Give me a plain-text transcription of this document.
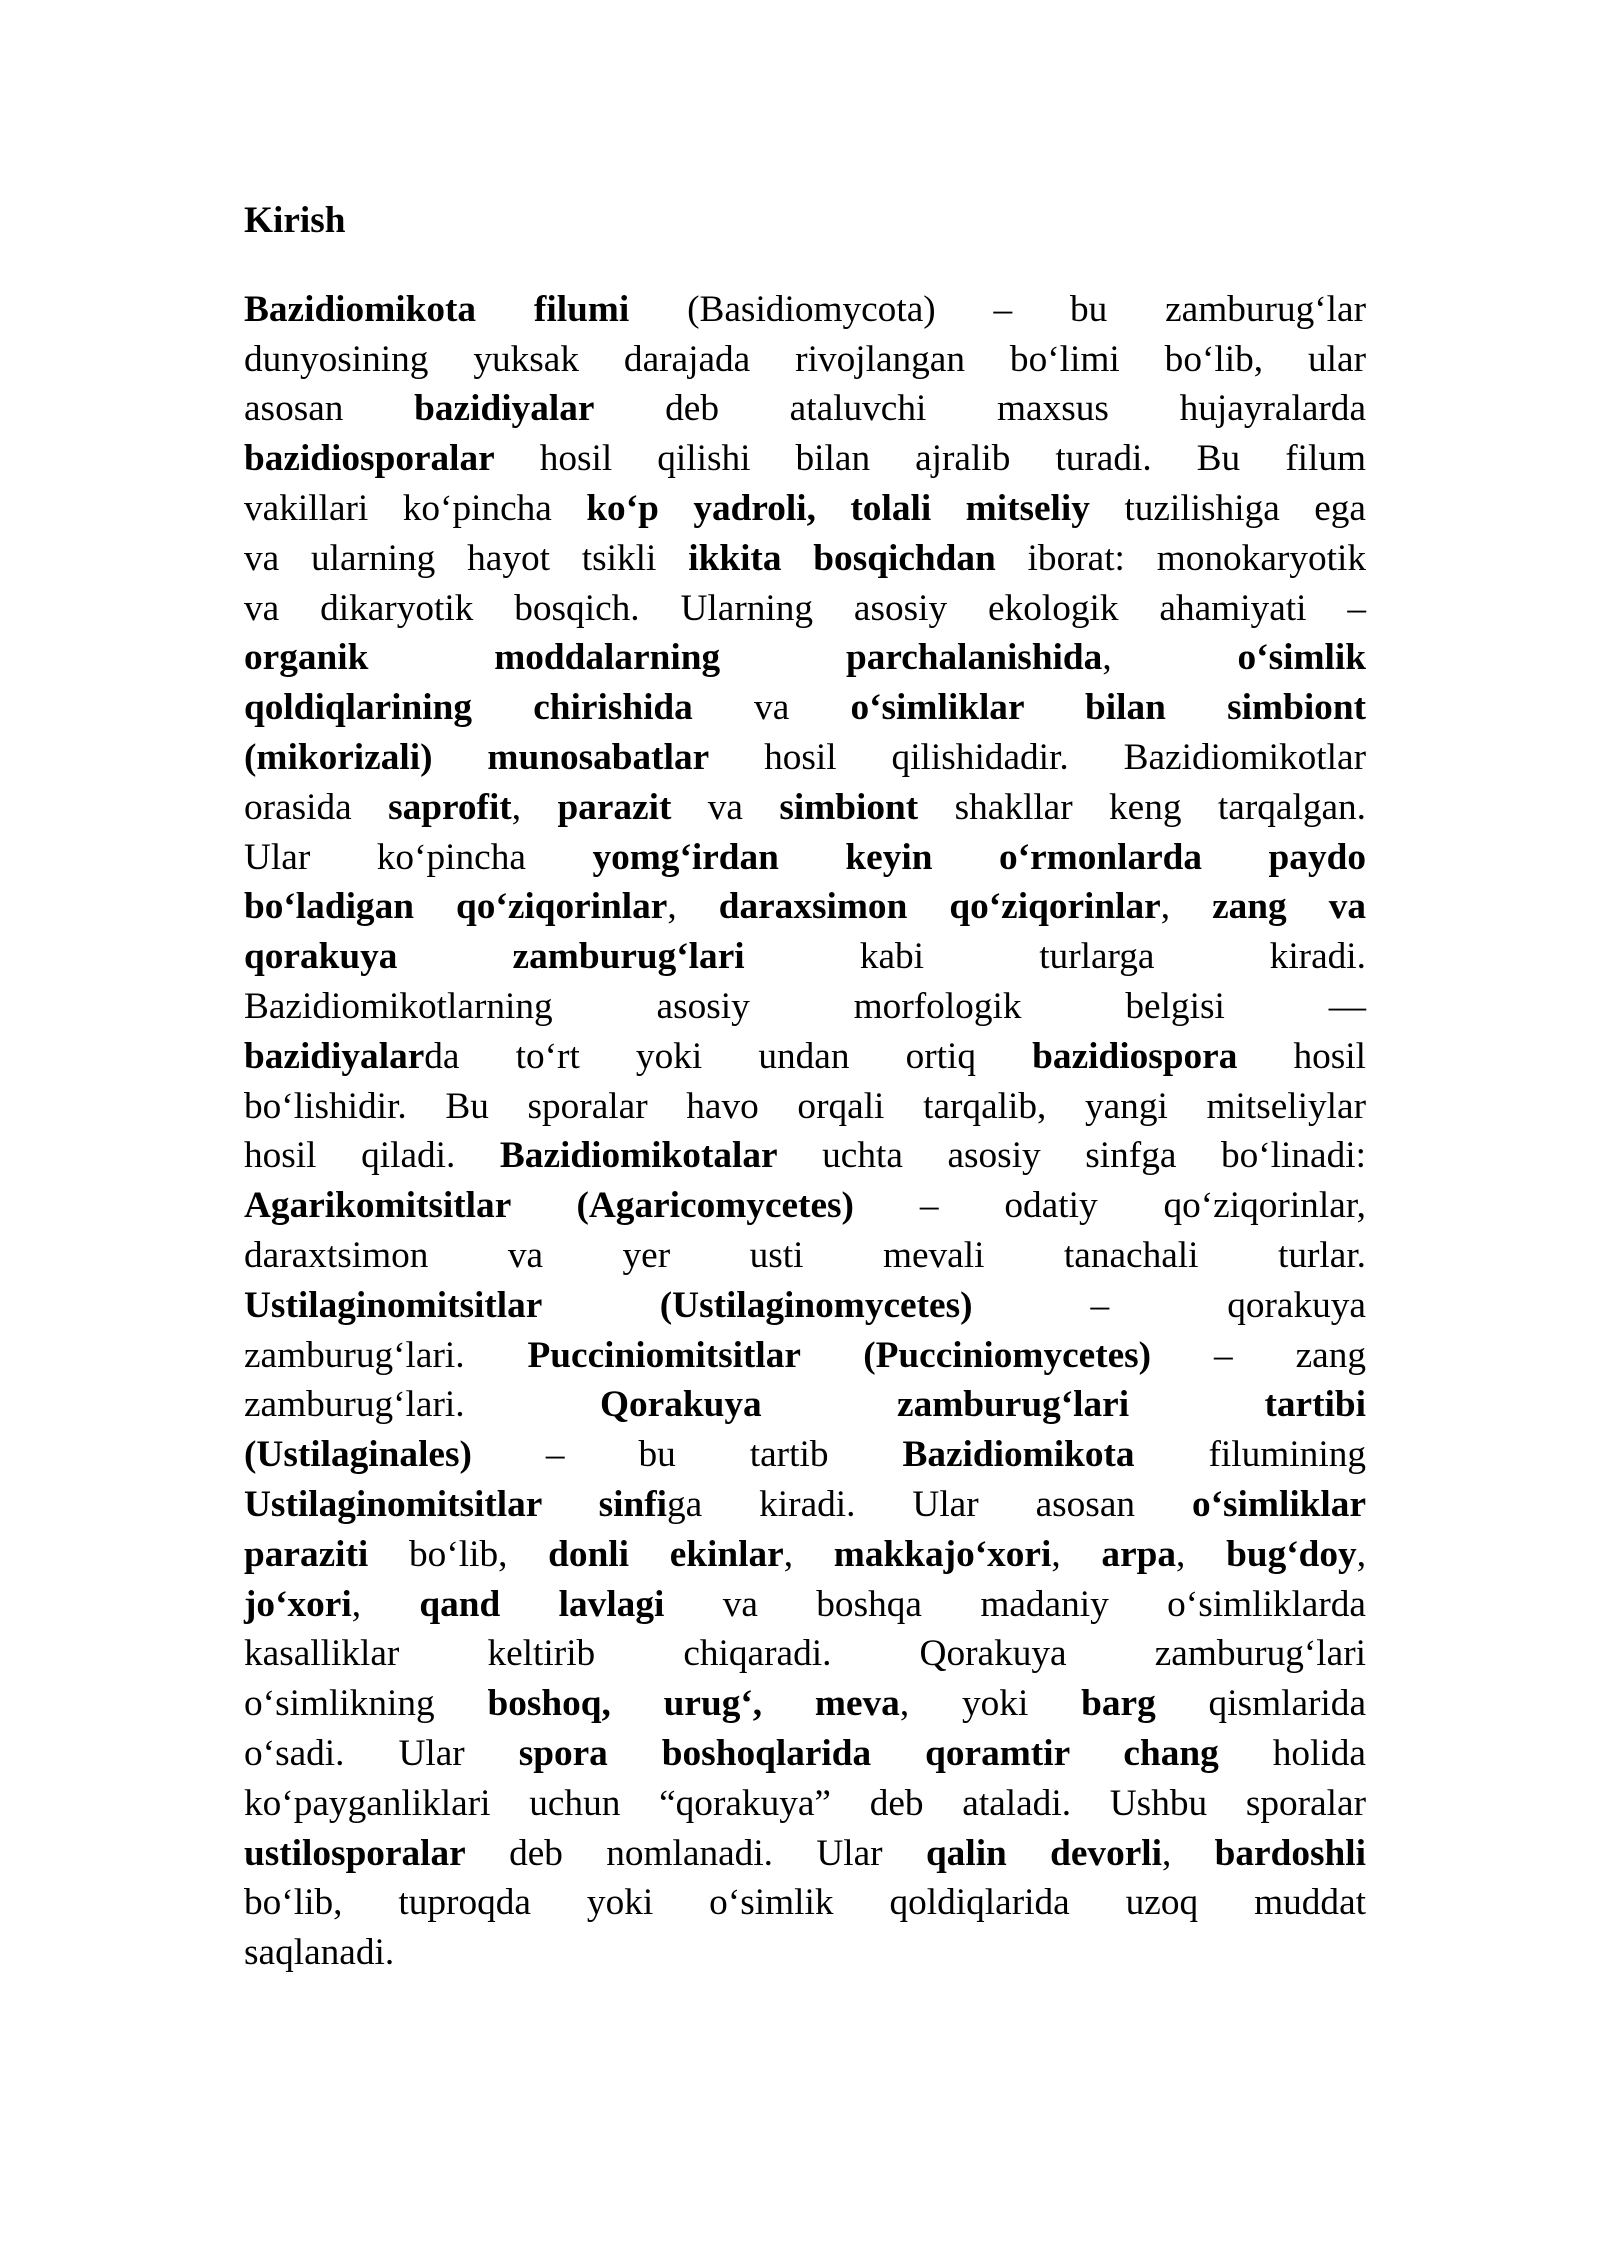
Kirish
Bazidiomikota filumi (Basidiomycota) – bu zamburug‘lar
dunyosining yuksak darajada rivojlangan bo‘limi bo‘lib, ular
asosan bazidiyalar deb ataluvchi maxsus hujayralarda
bazidiosporalar hosil qilishi bilan ajralib turadi. Bu filum
vakillari ko‘pincha ko‘p yadroli, tolali mitseliy tuzilishiga ega
va ularning hayot tsikli ikkita bosqichdan iborat: monokaryotik
va dikaryotik bosqich. Ularning asosiy ekologik ahamiyati –
organik moddalarning parchalanishida, o‘simlik
qoldiqlarining chirishida va o‘simliklar bilan simbiont
(mikorizali) munosabatlar hosil qilishidadir. Bazidiomikotlar
orasida saprofit, parazit va simbiont shakllar keng tarqalgan.
Ular ko‘pincha yomg‘irdan keyin o‘rmonlarda paydo
bo‘ladigan qo‘ziqorinlar, daraxsimon qo‘ziqorinlar, zang va
qorakuya zamburug‘lari kabi turlarga kiradi.
Bazidiomikotlarning asosiy morfologik belgisi —
bazidiyalarda to‘rt yoki undan ortiq bazidiospora hosil
bo‘lishidir. Bu sporalar havo orqali tarqalib, yangi mitseliylar
hosil qiladi. Bazidiomikotalar uchta asosiy sinfga bo‘linadi:
Agarikomitsitlar (Agaricomycetes) – odatiy qo‘ziqorinlar,
daraxtsimon va yer usti mevali tanachali turlar.
Ustilaginomitsitlar (Ustilaginomycetes) – qorakuya
zamburug‘lari. Pucciniomitsitlar (Pucciniomycetes) – zang
zamburug‘lari. Qorakuya zamburug‘lari tartibi
(Ustilaginales) – bu tartib Bazidiomikota filumining
Ustilaginomitsitlar sinfiga kiradi. Ular asosan o‘simliklar
paraziti bo‘lib, donli ekinlar, makkajo‘xori, arpa, bug‘doy,
jo‘xori, qand lavlagi va boshqa madaniy o‘simliklarda
kasalliklar keltirib chiqaradi. Qorakuya zamburug‘lari
o‘simlikning boshoq, urug‘, meva, yoki barg qismlarida
o‘sadi. Ular spora boshoqlarida qoramtir chang holida
ko‘payganliklari uchun “qorakuya” deb ataladi. Ushbu sporalar
ustilosporalar deb nomlanadi. Ular qalin devorli, bardoshli
bo‘lib, tuproqda yoki o‘simlik qoldiqlarida uzoq muddat
saqlanadi.
